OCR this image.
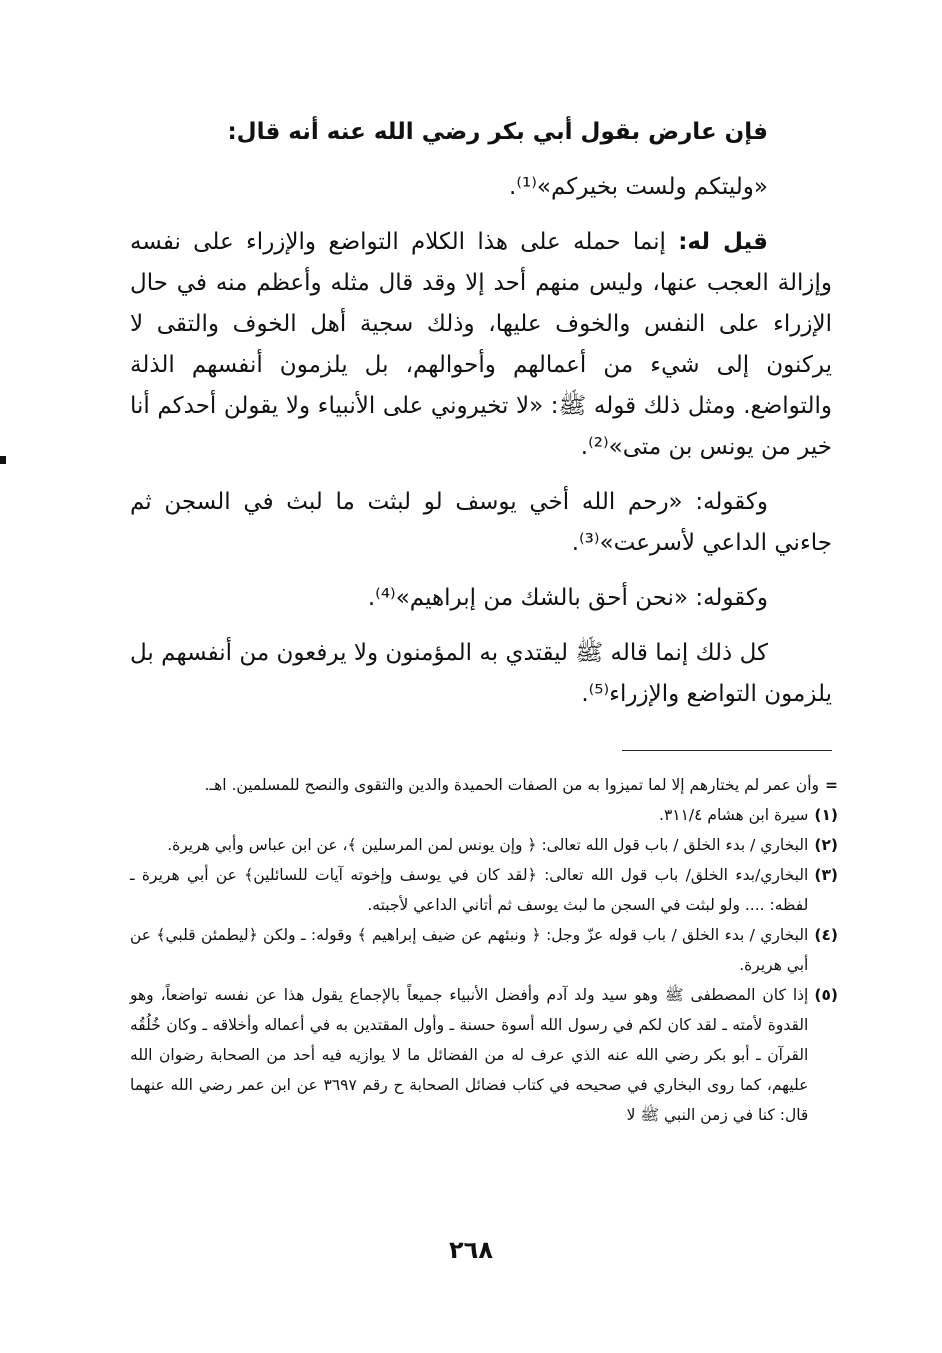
فإن عارض بقول أبي بكر رضي الله عنه أنه قال:

«وليتكم ولست بخيركم»⁽¹⁾.

قيل له: إنما حمله على هذا الكلام التواضع والإزراء على نفسه وإزالة العجب عنها، وليس منهم أحد إلا وقد قال مثله وأعظم منه في حال الإزراء على النفس والخوف عليها، وذلك سجية أهل الخوف والتقى لا يركنون إلى شيء من أعمالهم وأحوالهم، بل يلزمون أنفسهم الذلة والتواضع. ومثل ذلك قوله ﷺ: «لا تخيروني على الأنبياء ولا يقولن أحدكم أنا خير من يونس بن متى»⁽²⁾.

وكقوله: «رحم الله أخي يوسف لو لبثت ما لبث في السجن ثم جاءني الداعي لأسرعت»⁽³⁾.

وكقوله: «نحن أحق بالشك من إبراهيم»⁽⁴⁾.

كل ذلك إنما قاله ﷺ ليقتدي به المؤمنون ولا يرفعون من أنفسهم بل يلزمون التواضع والإزراء⁽⁵⁾.

=
وأن عمر لم يختارهم إلا لما تميزوا به من الصفات الحميدة والدين والتقوى والنصح للمسلمين. اهـ.
(١)
سيرة ابن هشام ٣١١/٤.
(٢)
البخاري / بدء الخلق / باب قول الله تعالى: ﴿ وإن يونس لمن المرسلين ﴾، عن ابن عباس وأبي هريرة.
(٣)
البخاري/بدء الخلق/ باب قول الله تعالى: ﴿لقد كان في يوسف وإخوته آيات للسائلين﴾ عن أبي هريرة ـ لفظه: .... ولو لبثت في السجن ما لبث يوسف ثم أتاني الداعي لأجبته.
(٤)
البخاري / بدء الخلق / باب قوله عزّ وجل: ﴿ ونبئهم عن ضيف إبراهيم ﴾ وقوله: ـ ولكن ﴿ليطمئن قلبي﴾ عن أبي هريرة.
(٥)
إذا كان المصطفى ﷺ وهو سيد ولد آدم وأفضل الأنبياء جميعاً بالإجماع يقول هذا عن نفسه تواضعاً، وهو القدوة لأمته ـ لقد كان لكم في رسول الله أسوة حسنة ـ وأول المقتدين به في أعماله وأخلاقه ـ وكان خُلُقُه القرآن ـ أبو بكر رضي الله عنه الذي عرف له من الفضائل ما لا يوازيه فيه أحد من الصحابة رضوان الله عليهم، كما روى البخاري في صحيحه في كتاب فضائل الصحابة ح رقم ٣٦٩٧ عن ابن عمر رضي الله عنهما قال: كنا في زمن النبي ﷺ لا
٢٦٨
